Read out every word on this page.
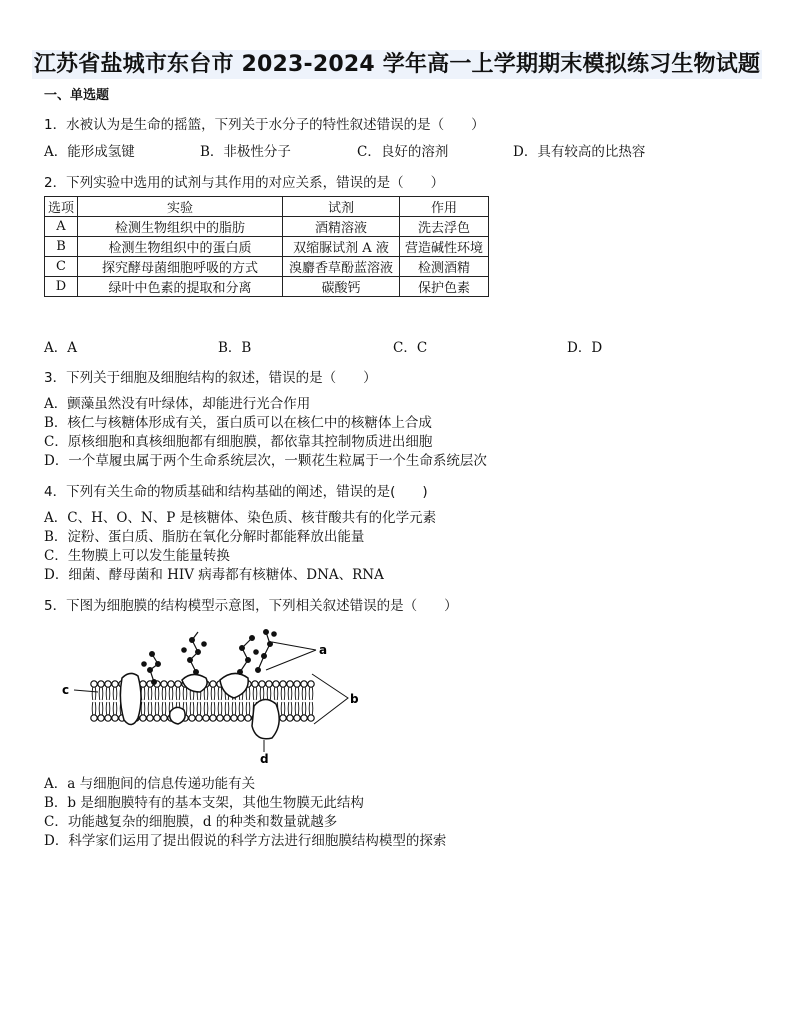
江苏省盐城市东台市 2023-2024 学年高一上学期期末模拟练习生物试题
一、单选题
1．水被认为是生命的摇篮，下列关于水分子的特性叙述错误的是（　　）
A．能形成氢键	B．非极性分子	C．良好的溶剂	D．具有较高的比热容
2．下列实验中选用的试剂与其作用的对应关系，错误的是（　　）
选项	实验	试剂	作用
A	检测生物组织中的脂肪	酒精溶液	洗去浮色
B	检测生物组织中的蛋白质	双缩脲试剂 A 液	营造碱性环境
C	探究酵母菌细胞呼吸的方式	溴麝香草酚蓝溶液	检测酒精
D	绿叶中色素的提取和分离	碳酸钙	保护色素
A．A	B．B	C．C	D．D
3．下列关于细胞及细胞结构的叙述，错误的是（　　）
A．颤藻虽然没有叶绿体，却能进行光合作用
B．核仁与核糖体形成有关，蛋白质可以在核仁中的核糖体上合成
C．原核细胞和真核细胞都有细胞膜，都依靠其控制物质进出细胞
D．一个草履虫属于两个生命系统层次，一颗花生粒属于一个生命系统层次
4．下列有关生命的物质基础和结构基础的阐述，错误的是(　　)
A．C、H、O、N、P 是核糖体、染色质、核苷酸共有的化学元素
B．淀粉、蛋白质、脂肪在氧化分解时都能释放出能量
C．生物膜上可以发生能量转换
D．细菌、酵母菌和 HIV 病毒都有核糖体、DNA、RNA
5．下图为细胞膜的结构模型示意图，下列相关叙述错误的是（　　）
a
b
c
d
A．a 与细胞间的信息传递功能有关
B．b 是细胞膜特有的基本支架，其他生物膜无此结构
C．功能越复杂的细胞膜，d 的种类和数量就越多
D．科学家们运用了提出假说的科学方法进行细胞膜结构模型的探索
